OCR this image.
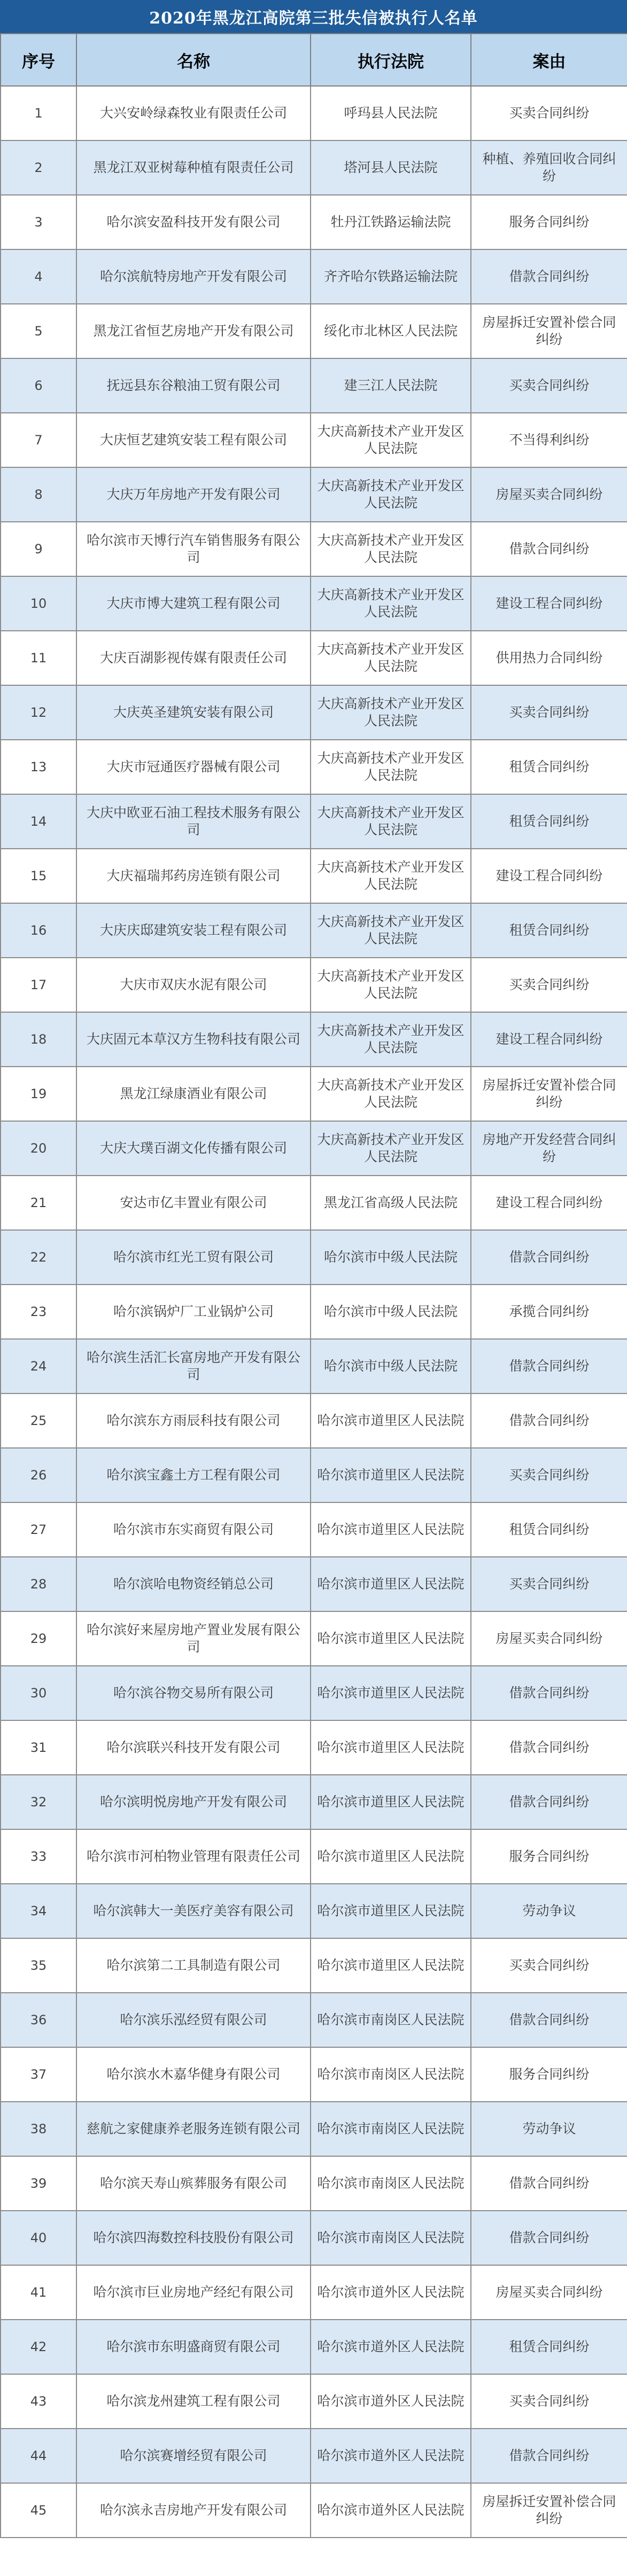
2020年黑龙江高院第三批失信被执行人名单
序号	名称	执行法院	案由
1	大兴安岭绿森牧业有限责任公司	呼玛县人民法院	买卖合同纠纷
2	黑龙江双亚树莓种植有限责任公司	塔河县人民法院	种植、养殖回收合同纠纷
3	哈尔滨安盈科技开发有限公司	牡丹江铁路运输法院	服务合同纠纷
4	哈尔滨航特房地产开发有限公司	齐齐哈尔铁路运输法院	借款合同纠纷
5	黑龙江省恒艺房地产开发有限公司	绥化市北林区人民法院	房屋拆迁安置补偿合同纠纷
6	抚远县东谷粮油工贸有限公司	建三江人民法院	买卖合同纠纷
7	大庆恒艺建筑安装工程有限公司	大庆高新技术产业开发区人民法院	不当得利纠纷
8	大庆万年房地产开发有限公司	大庆高新技术产业开发区人民法院	房屋买卖合同纠纷
9	哈尔滨市天博行汽车销售服务有限公司	大庆高新技术产业开发区人民法院	借款合同纠纷
10	大庆市博大建筑工程有限公司	大庆高新技术产业开发区人民法院	建设工程合同纠纷
11	大庆百湖影视传媒有限责任公司	大庆高新技术产业开发区人民法院	供用热力合同纠纷
12	大庆英圣建筑安装有限公司	大庆高新技术产业开发区人民法院	买卖合同纠纷
13	大庆市冠通医疗器械有限公司	大庆高新技术产业开发区人民法院	租赁合同纠纷
14	大庆中欧亚石油工程技术服务有限公司	大庆高新技术产业开发区人民法院	租赁合同纠纷
15	大庆福瑞邦药房连锁有限公司	大庆高新技术产业开发区人民法院	建设工程合同纠纷
16	大庆庆邸建筑安装工程有限公司	大庆高新技术产业开发区人民法院	租赁合同纠纷
17	大庆市双庆水泥有限公司	大庆高新技术产业开发区人民法院	买卖合同纠纷
18	大庆固元本草汉方生物科技有限公司	大庆高新技术产业开发区人民法院	建设工程合同纠纷
19	黑龙江绿康酒业有限公司	大庆高新技术产业开发区人民法院	房屋拆迁安置补偿合同纠纷
20	大庆大璞百湖文化传播有限公司	大庆高新技术产业开发区人民法院	房地产开发经营合同纠纷
21	安达市亿丰置业有限公司	黑龙江省高级人民法院	建设工程合同纠纷
22	哈尔滨市红光工贸有限公司	哈尔滨市中级人民法院	借款合同纠纷
23	哈尔滨锅炉厂工业锅炉公司	哈尔滨市中级人民法院	承揽合同纠纷
24	哈尔滨生活汇长富房地产开发有限公司	哈尔滨市中级人民法院	借款合同纠纷
25	哈尔滨东方雨辰科技有限公司	哈尔滨市道里区人民法院	借款合同纠纷
26	哈尔滨宝鑫土方工程有限公司	哈尔滨市道里区人民法院	买卖合同纠纷
27	哈尔滨市东实商贸有限公司	哈尔滨市道里区人民法院	租赁合同纠纷
28	哈尔滨哈电物资经销总公司	哈尔滨市道里区人民法院	买卖合同纠纷
29	哈尔滨好来屋房地产置业发展有限公司	哈尔滨市道里区人民法院	房屋买卖合同纠纷
30	哈尔滨谷物交易所有限公司	哈尔滨市道里区人民法院	借款合同纠纷
31	哈尔滨联兴科技开发有限公司	哈尔滨市道里区人民法院	借款合同纠纷
32	哈尔滨明悦房地产开发有限公司	哈尔滨市道里区人民法院	借款合同纠纷
33	哈尔滨市河柏物业管理有限责任公司	哈尔滨市道里区人民法院	服务合同纠纷
34	哈尔滨韩大一美医疗美容有限公司	哈尔滨市道里区人民法院	劳动争议
35	哈尔滨第二工具制造有限公司	哈尔滨市道里区人民法院	买卖合同纠纷
36	哈尔滨乐泓经贸有限公司	哈尔滨市南岗区人民法院	借款合同纠纷
37	哈尔滨水木嘉华健身有限公司	哈尔滨市南岗区人民法院	服务合同纠纷
38	慈航之家健康养老服务连锁有限公司	哈尔滨市南岗区人民法院	劳动争议
39	哈尔滨天寿山殡葬服务有限公司	哈尔滨市南岗区人民法院	借款合同纠纷
40	哈尔滨四海数控科技股份有限公司	哈尔滨市南岗区人民法院	借款合同纠纷
41	哈尔滨市巨业房地产经纪有限公司	哈尔滨市道外区人民法院	房屋买卖合同纠纷
42	哈尔滨市东明盛商贸有限公司	哈尔滨市道外区人民法院	租赁合同纠纷
43	哈尔滨龙州建筑工程有限公司	哈尔滨市道外区人民法院	买卖合同纠纷
44	哈尔滨赛增经贸有限公司	哈尔滨市道外区人民法院	借款合同纠纷
45	哈尔滨永吉房地产开发有限公司	哈尔滨市道外区人民法院	房屋拆迁安置补偿合同纠纷
